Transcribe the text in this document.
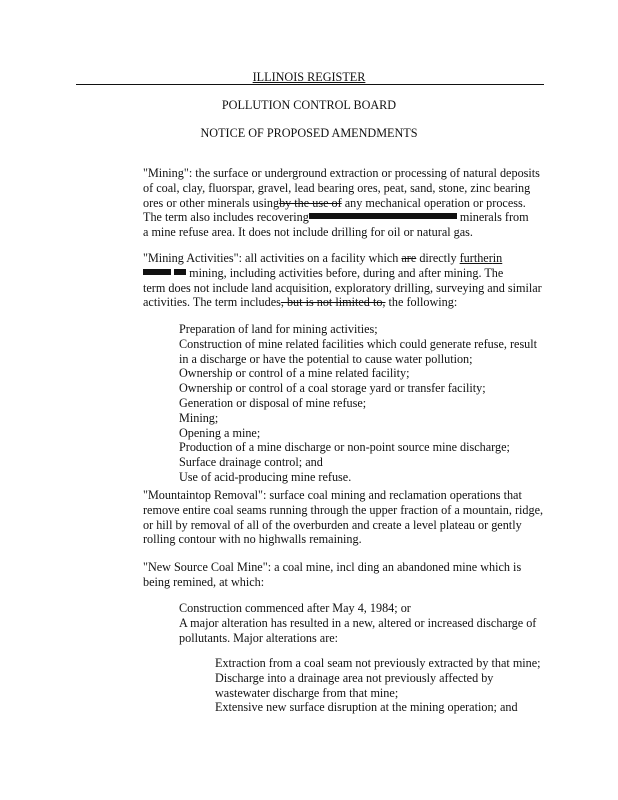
ILLINOIS REGISTER
POLLUTION CONTROL BOARD
NOTICE OF PROPOSED AMENDMENTS
"Mining": the surface or underground extraction or processing of natural deposits
of coal, clay, fluorspar, gravel, lead bearing ores, peat, sand, stone, zinc bearing
ores or other minerals usingby the use of any mechanical operation or process.
The term also includes recovering	minerals from
a mine refuse area. It does not include drilling for oil or natural gas.
"Mining Activities": all activities on a facility which are directly furtherin
mining, including activities before, during and after mining. The
term does not include land acquisition, exploratory drilling, surveying and similar
activities. The term includes, but is not limited to, the following:
Preparation of land for mining activities;
Construction of mine related facilities which could generate refuse, result
in a discharge or have the potential to cause water pollution;
Ownership or control of a mine related facility;
Ownership or control of a coal storage yard or transfer facility;
Generation or disposal of mine refuse;
Mining;
Opening a mine;
Production of a mine discharge or non-point source mine discharge;
Surface drainage control; and
Use of acid-producing mine refuse.
"Mountaintop Removal": surface coal mining and reclamation operations that
remove entire coal seams running through the upper fraction of a mountain, ridge,
or hill by removal of all of the overburden and create a level plateau or gently
rolling contour with no highwalls remaining.
"New Source Coal Mine": a coal mine, incl ding an abandoned mine which is
being remined, at which:
Construction commenced after May 4, 1984; or
A major alteration has resulted in a new, altered or increased discharge of
pollutants. Major alterations are:
Extraction from a coal seam not previously extracted by that mine;
Discharge into a drainage area not previously affected by
wastewater discharge from that mine;
Extensive new surface disruption at the mining operation; and
